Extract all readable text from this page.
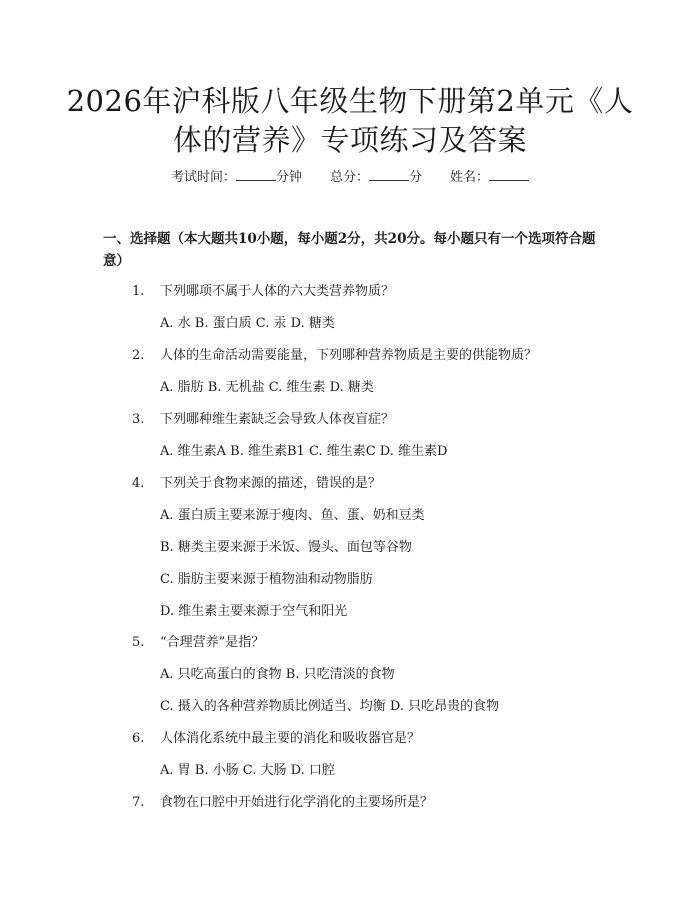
2026年沪科版八年级生物下册第2单元《人体的营养》专项练习及答案
考试时间：	分钟 总分：	分 姓名：
一、选择题（本大题共10小题，每小题2分，共20分。每小题只有一个选项符合题意）
1. 下列哪项不属于人体的六大类营养物质？
A. 水 B. 蛋白质 C. 汞 D. 糖类
2. 人体的生命活动需要能量，下列哪种营养物质是主要的供能物质？
A. 脂肪 B. 无机盐 C. 维生素 D. 糖类
3. 下列哪种维生素缺乏会导致人体夜盲症？
A. 维生素A B. 维生素B1 C. 维生素C D. 维生素D
4. 下列关于食物来源的描述，错误的是？
A. 蛋白质主要来源于瘦肉、鱼、蛋、奶和豆类
B. 糖类主要来源于米饭、馒头、面包等谷物
C. 脂肪主要来源于植物油和动物脂肪
D. 维生素主要来源于空气和阳光
5. “合理营养”是指？
A. 只吃高蛋白的食物 B. 只吃清淡的食物
C. 摄入的各种营养物质比例适当、均衡 D. 只吃昂贵的食物
6. 人体消化系统中最主要的消化和吸收器官是？
A. 胃 B. 小肠 C. 大肠 D. 口腔
7. 食物在口腔中开始进行化学消化的主要场所是？
